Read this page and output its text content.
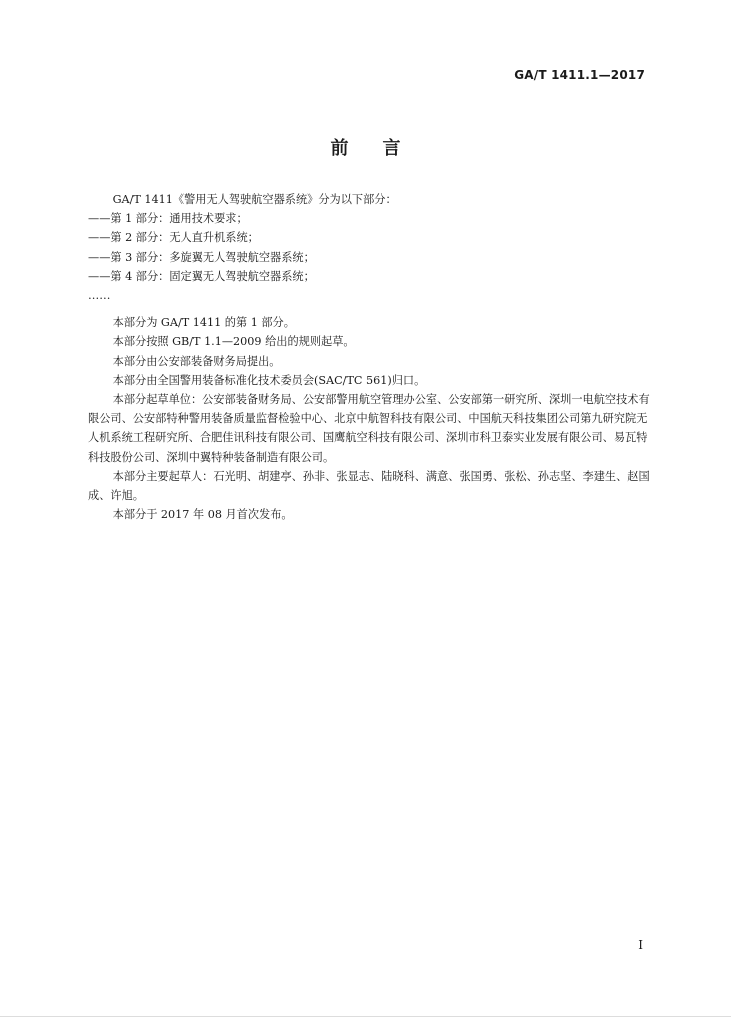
GA/T 1411.1—2017
前言

GA/T 1411《警用无人驾驶航空器系统》分为以下部分：

——第 1 部分：通用技术要求；

——第 2 部分：无人直升机系统；

——第 3 部分：多旋翼无人驾驶航空器系统；

——第 4 部分：固定翼无人驾驶航空器系统；

……

本部分为 GA/T 1411 的第 1 部分。

本部分按照 GB/T 1.1—2009 给出的规则起草。

本部分由公安部装备财务局提出。

本部分由全国警用装备标准化技术委员会(SAC/TC 561)归口。

本部分起草单位：公安部装备财务局、公安部警用航空管理办公室、公安部第一研究所、深圳一电航空技术有限公司、公安部特种警用装备质量监督检验中心、北京中航智科技有限公司、中国航天科技集团公司第九研究院无人机系统工程研究所、合肥佳讯科技有限公司、国鹰航空科技有限公司、深圳市科卫泰实业发展有限公司、易瓦特科技股份公司、深圳中翼特种装备制造有限公司。

本部分主要起草人：石光明、胡建亭、孙非、张显志、陆晓科、满意、张国勇、张松、孙志坚、李建生、赵国成、许旭。

本部分于 2017 年 08 月首次发布。

I
